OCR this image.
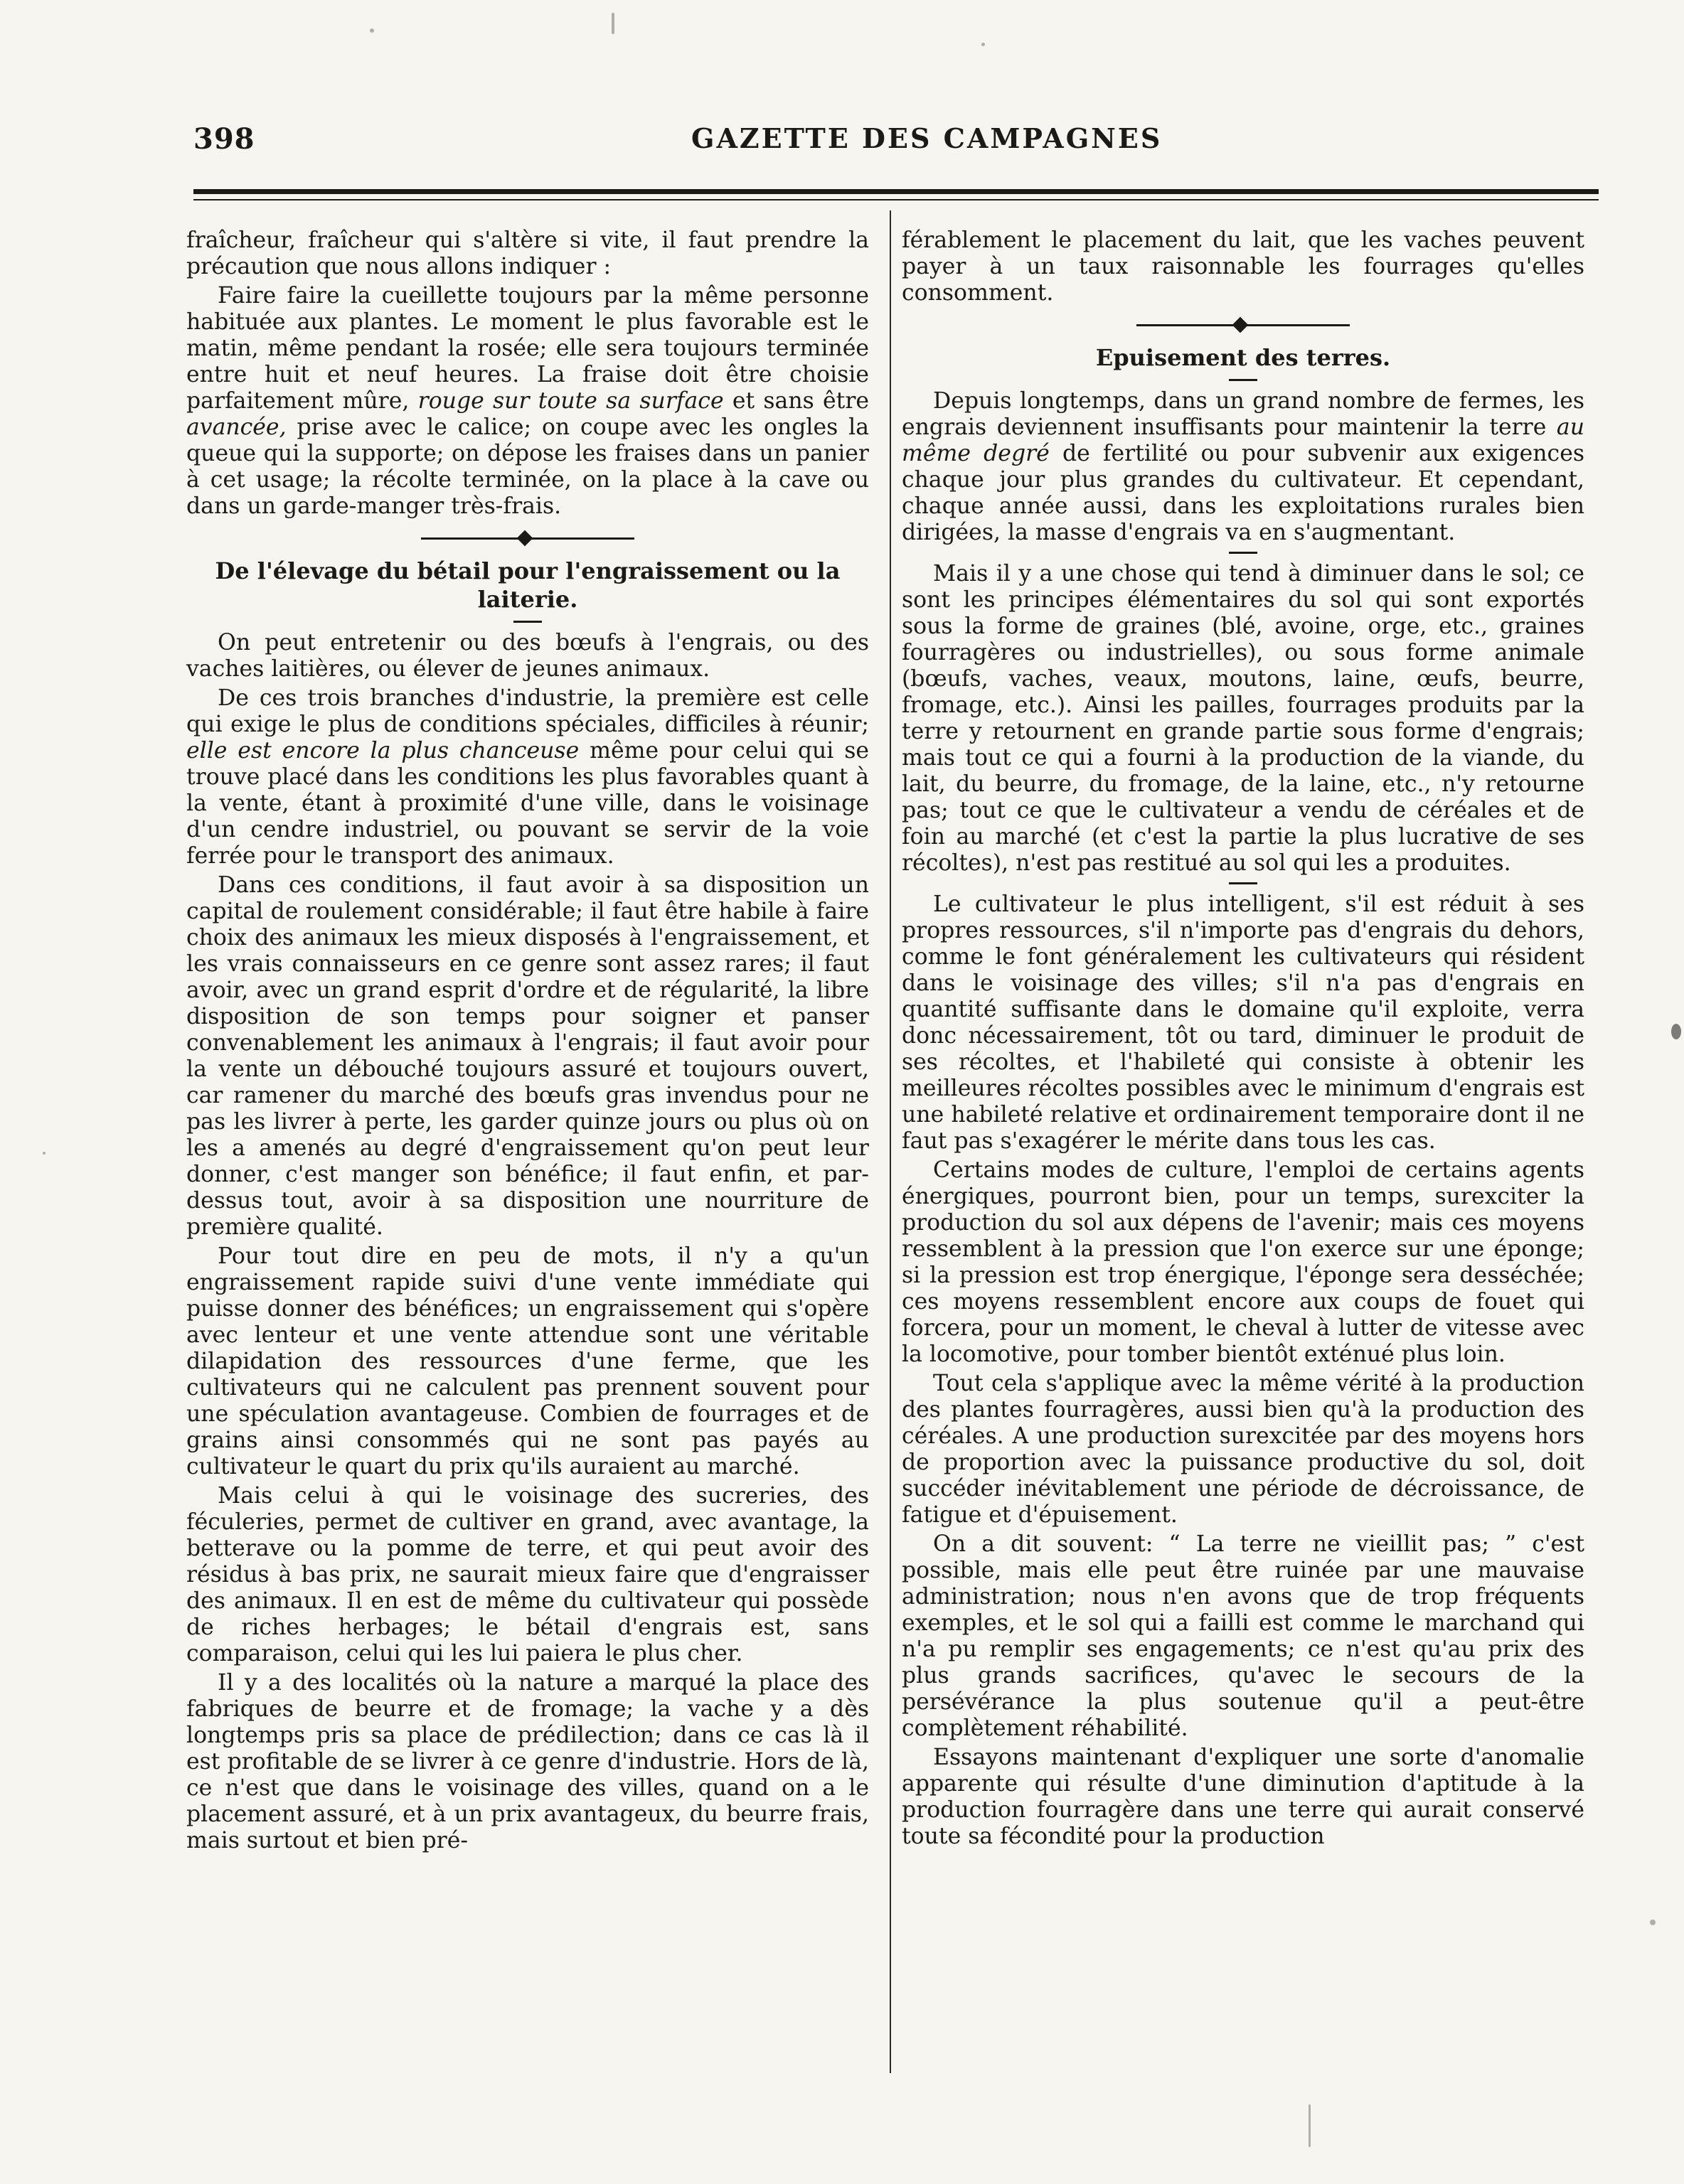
398	GAZETTE DES CAMPAGNES

fraîcheur, fraîcheur qui s'altère si vite, il faut prendre la précaution que nous allons indiquer :

Faire faire la cueillette toujours par la même personne habituée aux plantes. Le moment le plus favorable est le matin, même pendant la rosée; elle sera toujours terminée entre huit et neuf heures. La fraise doit être choisie parfaitement mûre, rouge sur toute sa surface et sans être avancée, prise avec le calice; on coupe avec les ongles la queue qui la supporte; on dépose les fraises dans un panier à cet usage; la récolte terminée, on la place à la cave ou dans un garde-manger très-frais.

De l'élevage du bétail pour l'engraissement ou la laiterie.

On peut entretenir ou des bœufs à l'engrais, ou des vaches laitières, ou élever de jeunes animaux.

De ces trois branches d'industrie, la première est celle qui exige le plus de conditions spéciales, difficiles à réunir; elle est encore la plus chanceuse même pour celui qui se trouve placé dans les conditions les plus favorables quant à la vente, étant à proximité d'une ville, dans le voisinage d'un cendre industriel, ou pouvant se servir de la voie ferrée pour le transport des animaux.

Dans ces conditions, il faut avoir à sa disposition un capital de roulement considérable; il faut être habile à faire choix des animaux les mieux disposés à l'engraissement, et les vrais connaisseurs en ce genre sont assez rares; il faut avoir, avec un grand esprit d'ordre et de régularité, la libre disposition de son temps pour soigner et panser convenablement les animaux à l'engrais; il faut avoir pour la vente un débouché toujours assuré et toujours ouvert, car ramener du marché des bœufs gras invendus pour ne pas les livrer à perte, les garder quinze jours ou plus où on les a amenés au degré d'engraissement qu'on peut leur donner, c'est manger son bénéfice; il faut enfin, et par-dessus tout, avoir à sa disposition une nourriture de première qualité.

Pour tout dire en peu de mots, il n'y a qu'un engraissement rapide suivi d'une vente immédiate qui puisse donner des bénéfices; un engraissement qui s'opère avec lenteur et une vente attendue sont une véritable dilapidation des ressources d'une ferme, que les cultivateurs qui ne calculent pas prennent souvent pour une spéculation avantageuse. Combien de fourrages et de grains ainsi consommés qui ne sont pas payés au cultivateur le quart du prix qu'ils auraient au marché.

Mais celui à qui le voisinage des sucreries, des féculeries, permet de cultiver en grand, avec avantage, la betterave ou la pomme de terre, et qui peut avoir des résidus à bas prix, ne saurait mieux faire que d'engraisser des animaux. Il en est de même du cultivateur qui possède de riches herbages; le bétail d'engrais est, sans comparaison, celui qui les lui paiera le plus cher.

Il y a des localités où la nature a marqué la place des fabriques de beurre et de fromage; la vache y a dès longtemps pris sa place de prédilection; dans ce cas là il est profitable de se livrer à ce genre d'industrie. Hors de là, ce n'est que dans le voisinage des villes, quand on a le placement assuré, et à un prix avantageux, du beurre frais, mais surtout et bien pré-

férablement le placement du lait, que les vaches peuvent payer à un taux raisonnable les fourrages qu'elles consomment.

Epuisement des terres.

Depuis longtemps, dans un grand nombre de fermes, les engrais deviennent insuffisants pour maintenir la terre au même degré de fertilité ou pour subvenir aux exigences chaque jour plus grandes du cultivateur. Et cependant, chaque année aussi, dans les exploitations rurales bien dirigées, la masse d'engrais va en s'augmentant.

Mais il y a une chose qui tend à diminuer dans le sol; ce sont les principes élémentaires du sol qui sont exportés sous la forme de graines (blé, avoine, orge, etc., graines fourragères ou industrielles), ou sous forme animale (bœufs, vaches, veaux, moutons, laine, œufs, beurre, fromage, etc.). Ainsi les pailles, fourrages produits par la terre y retournent en grande partie sous forme d'engrais; mais tout ce qui a fourni à la production de la viande, du lait, du beurre, du fromage, de la laine, etc., n'y retourne pas; tout ce que le cultivateur a vendu de céréales et de foin au marché (et c'est la partie la plus lucrative de ses récoltes), n'est pas restitué au sol qui les a produites.

Le cultivateur le plus intelligent, s'il est réduit à ses propres ressources, s'il n'importe pas d'engrais du dehors, comme le font généralement les cultivateurs qui résident dans le voisinage des villes; s'il n'a pas d'engrais en quantité suffisante dans le domaine qu'il exploite, verra donc nécessairement, tôt ou tard, diminuer le produit de ses récoltes, et l'habileté qui consiste à obtenir les meilleures récoltes possibles avec le minimum d'engrais est une habileté relative et ordinairement temporaire dont il ne faut pas s'exagérer le mérite dans tous les cas.

Certains modes de culture, l'emploi de certains agents énergiques, pourront bien, pour un temps, surexciter la production du sol aux dépens de l'avenir; mais ces moyens ressemblent à la pression que l'on exerce sur une éponge; si la pression est trop énergique, l'éponge sera desséchée; ces moyens ressemblent encore aux coups de fouet qui forcera, pour un moment, le cheval à lutter de vitesse avec la locomotive, pour tomber bientôt exténué plus loin.

Tout cela s'applique avec la même vérité à la production des plantes fourragères, aussi bien qu'à la production des céréales. A une production surexcitée par des moyens hors de proportion avec la puissance productive du sol, doit succéder inévitablement une période de décroissance, de fatigue et d'épuisement.

On a dit souvent: “ La terre ne vieillit pas; ” c'est possible, mais elle peut être ruinée par une mauvaise administration; nous n'en avons que de trop fréquents exemples, et le sol qui a failli est comme le marchand qui n'a pu remplir ses engagements; ce n'est qu'au prix des plus grands sacrifices, qu'avec le secours de la persévérance la plus soutenue qu'il a peut-être complètement réhabilité.

Essayons maintenant d'expliquer une sorte d'anomalie apparente qui résulte d'une diminution d'aptitude à la production fourragère dans une terre qui aurait conservé toute sa fécondité pour la production
